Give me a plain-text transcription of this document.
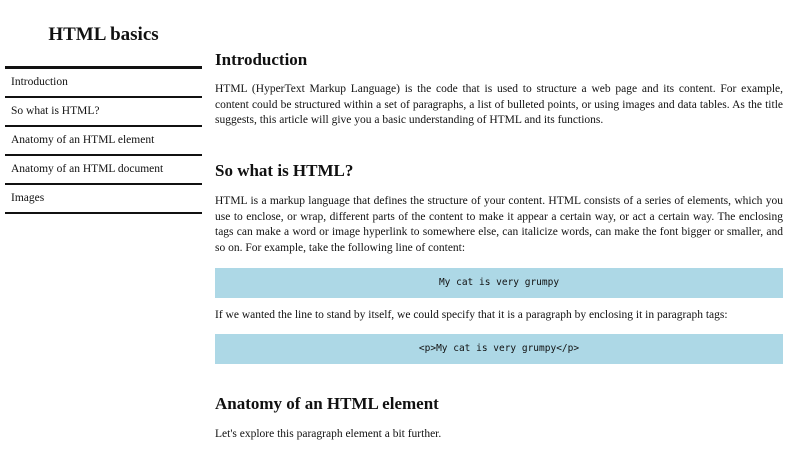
HTML basics
Introduction
So what is HTML?
Anatomy of an HTML element
Anatomy of an HTML document
Images
Introduction

HTML (HyperText Markup Language) is the code that is used to structure a web page and its content. For example, content could be structured within a set of paragraphs, a list of bulleted points, or using images and data tables. As the title suggests, this article will give you a basic understanding of HTML and its functions.

So what is HTML?

HTML is a markup language that defines the structure of your content. HTML consists of a series of elements, which you use to enclose, or wrap, different parts of the content to make it appear a certain way, or act a certain way. The enclosing tags can make a word or image hyperlink to somewhere else, can italicize words, can make the font bigger or smaller, and so on. For example, take the following line of content:

My cat is very grumpy

If we wanted the line to stand by itself, we could specify that it is a paragraph by enclosing it in paragraph tags:

<p>My cat is very grumpy</p>
Anatomy of an HTML element

Let's explore this paragraph element a bit further.
